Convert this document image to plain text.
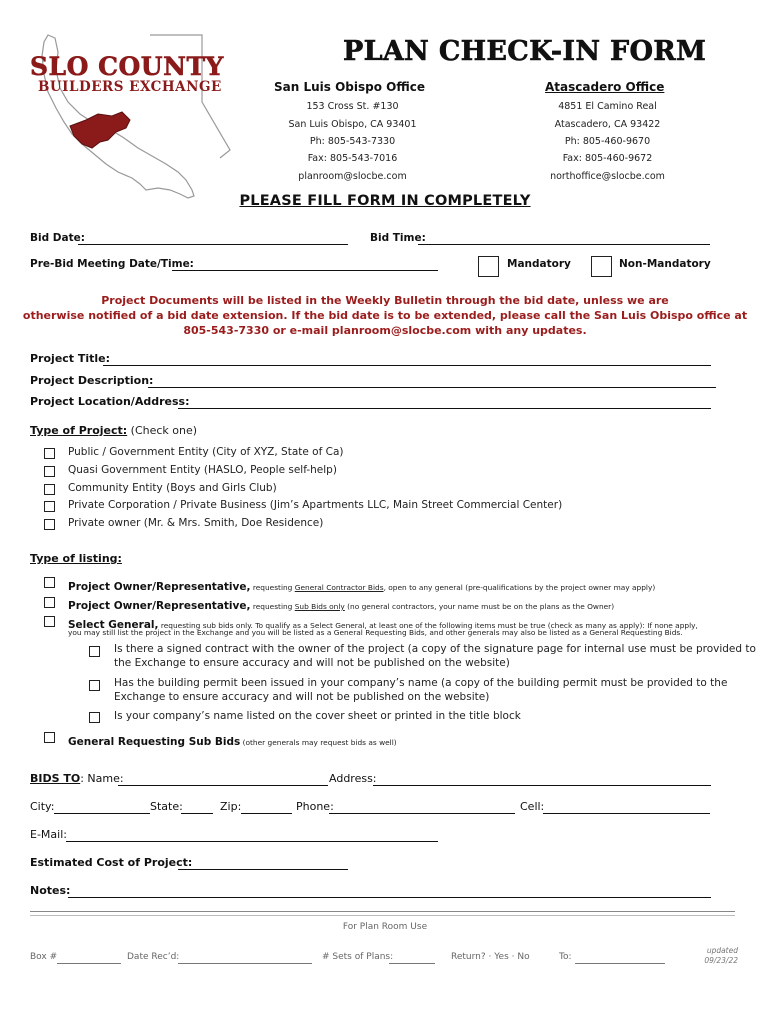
SLO COUNTY
BUILDERS EXCHANGE
PLAN CHECK-IN FORM
San Luis Obispo Office	Atascadero Office
153 Cross St. #130
San Luis Obispo, CA 93401
Ph: 805-543-7330
Fax: 805-543-7016
planroom@slocbe.com
4851 El Camino Real
Atascadero, CA 93422
Ph: 805-460-9670
Fax: 805-460-9672
northoffice@slocbe.com
PLEASE FILL FORM IN COMPLETELY
Bid Date:	Bid Time:
Pre-Bid Meeting Date/Time:	Mandatory	Non-Mandatory
Project Documents will be listed in the Weekly Bulletin through the bid date, unless we are
otherwise notified of a bid date extension. If the bid date is to be extended, please call the San Luis Obispo office at
805-543-7330 or e-mail planroom@slocbe.com with any updates.
Project Title:
Project Description:
Project Location/Address:
Type of Project: (Check one)
Public / Government Entity (City of XYZ, State of Ca)
Quasi Government Entity (HASLO, People self-help)
Community Entity (Boys and Girls Club)
Private Corporation / Private Business (Jim’s Apartments LLC, Main Street Commercial Center)
Private owner (Mr. & Mrs. Smith, Doe Residence)
Type of listing:
Project Owner/Representative, requesting General Contractor Bids, open to any general (pre-qualifications by the project owner may apply)
Project Owner/Representative, requesting Sub Bids only (no general contractors, your name must be on the plans as the Owner)
Select General, requesting sub bids only. To qualify as a Select General, at least one of the following items must be true (check as many as apply): If none apply,
you may still list the project in the Exchange and you will be listed as a General Requesting Bids, and other generals may also be listed as a General Requesting Bids.
Is there a signed contract with the owner of the project (a copy of the signature page for internal use must be provided to
the Exchange to ensure accuracy and will not be published on the website)
Has the building permit been issued in your company’s name (a copy of the building permit must be provided to the
Exchange to ensure accuracy and will not be published on the website)
Is your company’s name listed on the cover sheet or printed in the title block
General Requesting Sub Bids (other generals may request bids as well)
BIDS TO: Name:	Address:
City:	State:	Zip:	Phone:	Cell:
E-Mail:
Estimated Cost of Project:
Notes:
For Plan Room Use
Box #	Date Rec’d:	# Sets of Plans:	Return? · Yes · No	To:
updated
09/23/22
